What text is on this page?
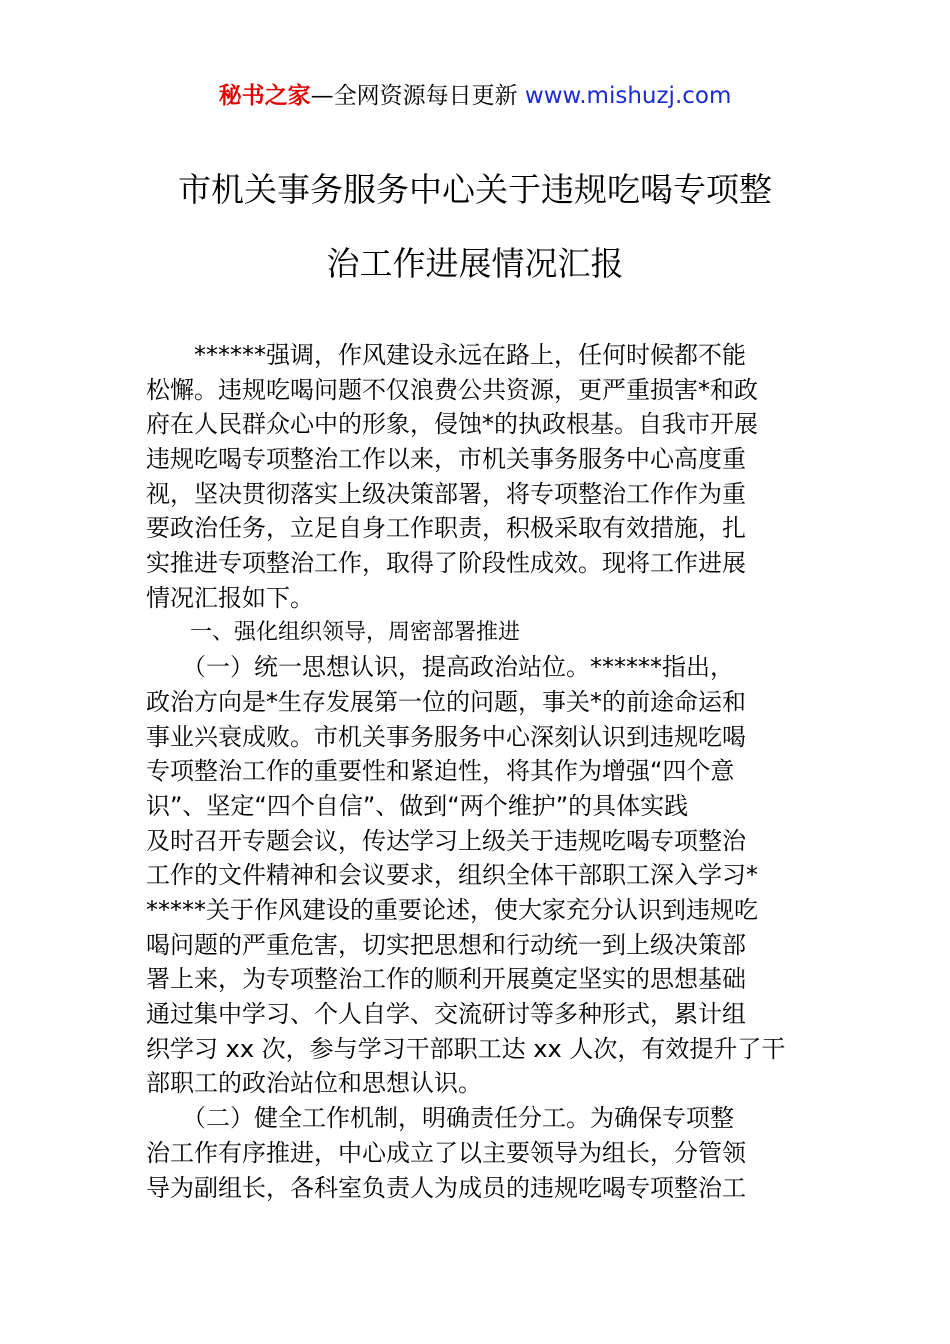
秘书之家—全网资源每日更新 www.mishuzj.com
市机关事务服务中心关于违规吃喝专项整
治工作进展情况汇报
　　******强调，作风建设永远在路上，任何时候都不能
松懈。违规吃喝问题不仅浪费公共资源，更严重损害*和政
府在人民群众心中的形象，侵蚀*的执政根基。自我市开展
违规吃喝专项整治工作以来，市机关事务服务中心高度重
视，坚决贯彻落实上级决策部署，将专项整治工作作为重
要政治任务，立足自身工作职责，积极采取有效措施，扎
实推进专项整治工作，取得了阶段性成效。现将工作进展
情况汇报如下。
　　一、强化组织领导，周密部署推进
　　（一）统一思想认识，提高政治站位。******指出，
政治方向是*生存发展第一位的问题，事关*的前途命运和
事业兴衰成败。市机关事务服务中心深刻认识到违规吃喝
专项整治工作的重要性和紧迫性，将其作为增强“四个意
识”、坚定“四个自信”、做到“两个维护”的具体实践
及时召开专题会议，传达学习上级关于违规吃喝专项整治
工作的文件精神和会议要求，组织全体干部职工深入学习*
*****关于作风建设的重要论述，使大家充分认识到违规吃
喝问题的严重危害，切实把思想和行动统一到上级决策部
署上来，为专项整治工作的顺利开展奠定坚实的思想基础
通过集中学习、个人自学、交流研讨等多种形式，累计组
织学习 xx 次，参与学习干部职工达 xx 人次，有效提升了干
部职工的政治站位和思想认识。
　　（二）健全工作机制，明确责任分工。为确保专项整
治工作有序推进，中心成立了以主要领导为组长，分管领
导为副组长，各科室负责人为成员的违规吃喝专项整治工
